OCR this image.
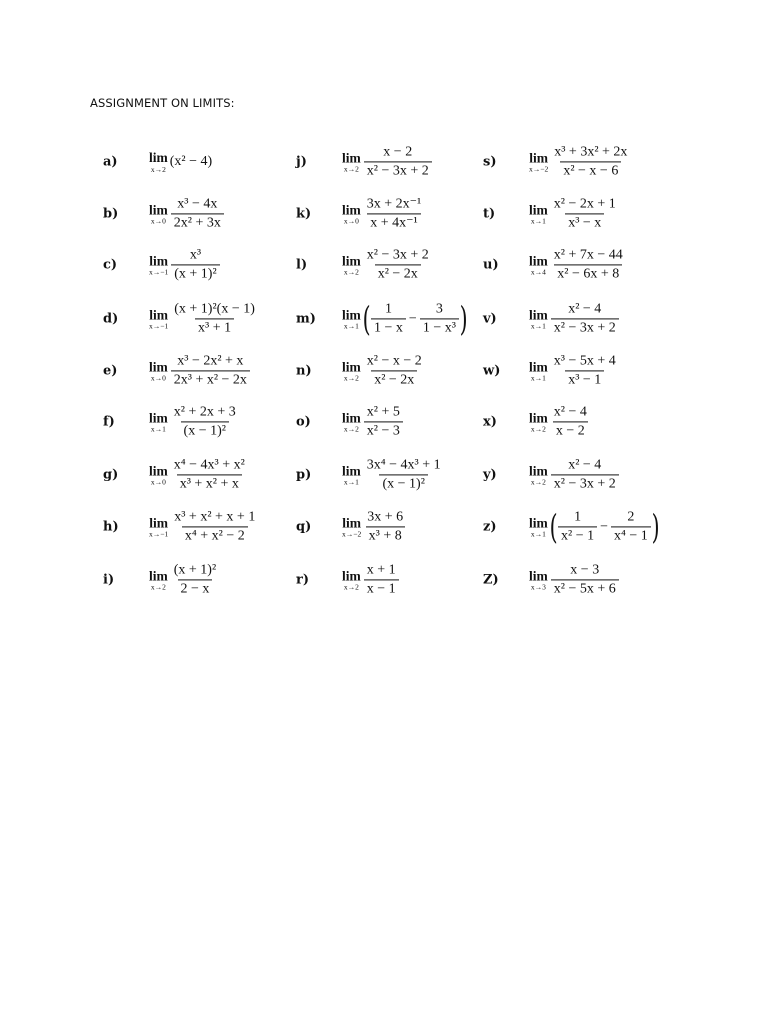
ASSIGNMENT ON LIMITS:
a) lim
x→2 (x² − 4)
b) lim
$x\to 0 \frac{\text{x³ − 4x}}{\text{2x² + 3x}}$
c) lim
$x\to-1 \frac{\text{x³}}{\text{(x + 1)²}}$
d) lim
$x\to-1 \frac{\text{(x + 1)²(x − 1)}}{\text{x³ + 1}}$
e) lim
$x\to 0 \frac{\text{x³ − 2x² + x}}{\text{2x³ + x² − 2x}}$
f)	lim
$x\to 1 \frac{\text{x² + 2x + 3}}{\text{(x − 1)²}}$
g) lim
$x\to 0 \frac{\text{x⁴ − 4x³ + x²}}{\text{x³ + x² + x}}$
h) lim
$x\to-1 \frac{\text{x³ + x² + x + 1}}{\text{x⁴ + x² − 2}}$
i)	lim
$x\to 2 \frac{\text{(x + 1)²}}{2 - x}$
j)	lim
$x\to 2 \frac{x - 2}{\text{x² − 3x + 2}}$
k) lim
$x\to 0 \frac{\text{3x + 2x⁻¹}}{\text{x + 4x⁻¹}}$
l)	lim
$x\to 2 \frac{\text{x² − 3x + 2}}{\text{x² − 2x}}$
m) lim
x→1 ( $\frac{1}{1 - x} - \frac{3}{\text{1 − x³}}$ )
n) lim
$x\to 2 \frac{\text{x² − x − 2}}{\text{x² − 2x}}$
o) lim
$x\to 2 \frac{\text{x² + 5}}{\text{x² − 3}}$
p) lim
$x\to 1 \frac{\text{3x⁴ − 4x³ + 1}}{\text{(x − 1)²}}$
q) lim
$x\to-2 \frac{3x + 6}{\text{x³ + 8}}$
r) lim
$x\to 2 \frac{x + 1}{x - 1}$
s) lim
$x\to-2 \frac{\text{x³ + 3x² + 2x}}{\text{x² − x − 6}}$
t)	lim
$x\to 1 \frac{\text{x² − 2x + 1}}{\text{x³ − x}}$
u) lim
$x\to 4 \frac{\text{x² + 7x − 44}}{\text{x² − 6x + 8}}$
v) lim
$x\to 1 \frac{\text{x² − 4}}{\text{x² − 3x + 2}}$
w) lim
$x\to 1 \frac{\text{x³ − 5x + 4}}{\text{x³ − 1}}$
x) lim
$x\to 2 \frac{\text{x² − 4}}{x - 2}$
y) lim
$x\to 2 \frac{\text{x² − 4}}{\text{x² − 3x + 2}}$
z) lim
x→1 ( $\frac{1}{\text{x² − 1}} - \frac{2}{\text{x⁴ − 1}}$ )
Z) lim
$x\to 3 \frac{x - 3}{\text{x² − 5x + 6}}$
